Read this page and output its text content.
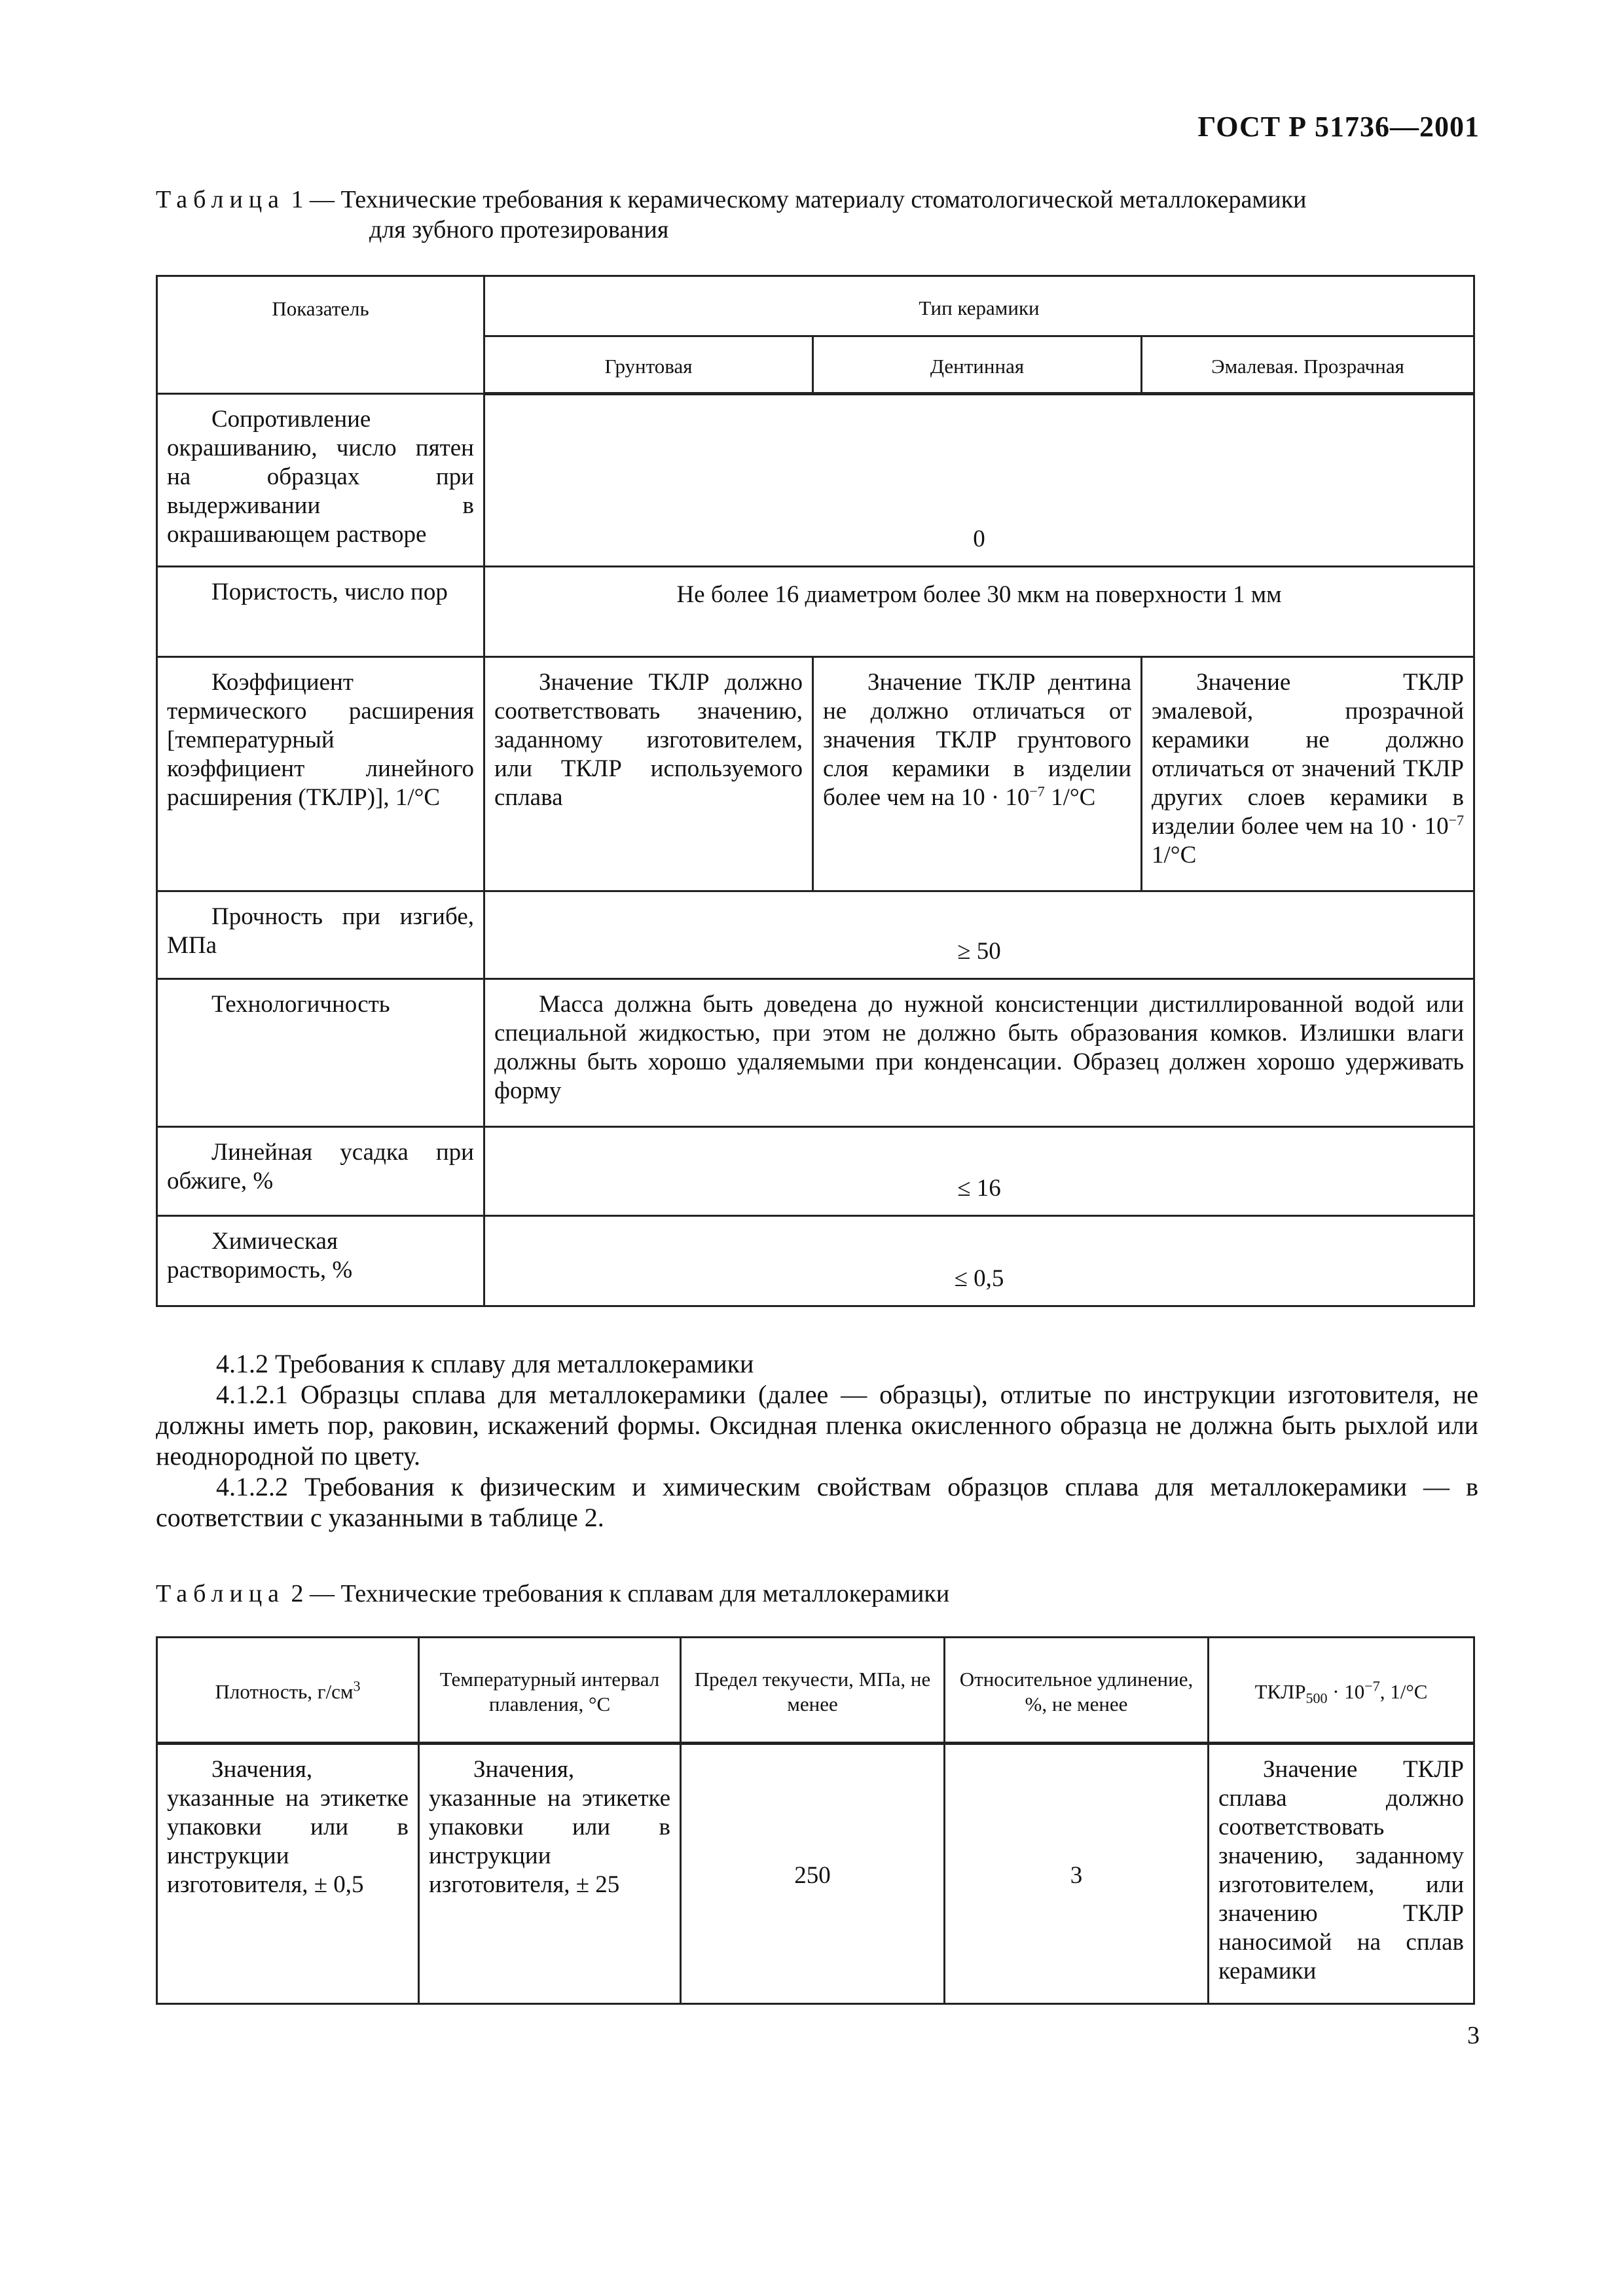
ГОСТ Р 51736—2001
Таблица 1 — Технические требования к керамическому материалу стоматологической металлокерамики
для зубного протезирования
Показатель	Тип керамики		
	Грунтовая	Дентинная	Эмалевая. Прозрачная
Сопротивление окрашиванию, число пятен на образцах при выдерживании в окрашивающем растворе	0		
Пористость, число пор	Не более 16 диаметром более 30 мкм на поверхности 1 мм		
Коэффициент термического расширения [температурный коэффициент линейного расширения (ТКЛР)], 1/°С	Значение ТКЛР должно соответствовать значению, заданному изготовителем, или ТКЛР используемого сплава	Значение ТКЛР дентина не должно отличаться от значения ТКЛР грунтового слоя керамики в изделии более чем на $10 \cdot 10^{-7}$ 1/°С	Значение ТКЛР эмалевой, прозрачной керамики не должно отличаться от значений ТКЛР других слоев керамики в изделии более чем на $10 \cdot 10^{-7}$ 1/°С
Прочность при изгибе, МПа	≥ 50		
Технологичность	Масса должна быть доведена до нужной консистенции дистиллированной водой или специальной жидкостью, при этом не должно быть образования комков. Излишки влаги должны быть хорошо удаляемыми при конденсации. Образец должен хорошо удерживать форму		
Линейная усадка при обжиге, %	≤ 16		
Химическая растворимость, %	≤ 0,5		

4.1.2 Требования к сплаву для металлокерамики

4.1.2.1 Образцы сплава для металлокерамики (далее — образцы), отлитые по инструкции изготовителя, не должны иметь пор, раковин, искажений формы. Оксидная пленка окисленного образца не должна быть рыхлой или неоднородной по цвету.

4.1.2.2 Требования к физическим и химическим свойствам образцов сплава для металлокерамики — в соответствии с указанными в таблице 2.

Таблица 2 — Технические требования к сплавам для металлокерамики
Плотность, $г/см^3$	Температурный интервал плавления, °С	Предел текучести, МПа, не менее	Относительное удлинение, %, не менее	$ТКЛР_{500} \cdot 10^{-7}$, 1/°С
Значения, указанные на этикетке упаковки или в инструкции изготовителя, ± 0,5	Значения, указанные на этикетке упаковки или в инструкции изготовителя, ± 25	250	3	Значение ТКЛР сплава должно соответствовать значению, заданному изготовителем, или значению ТКЛР наносимой на сплав керамики
3
